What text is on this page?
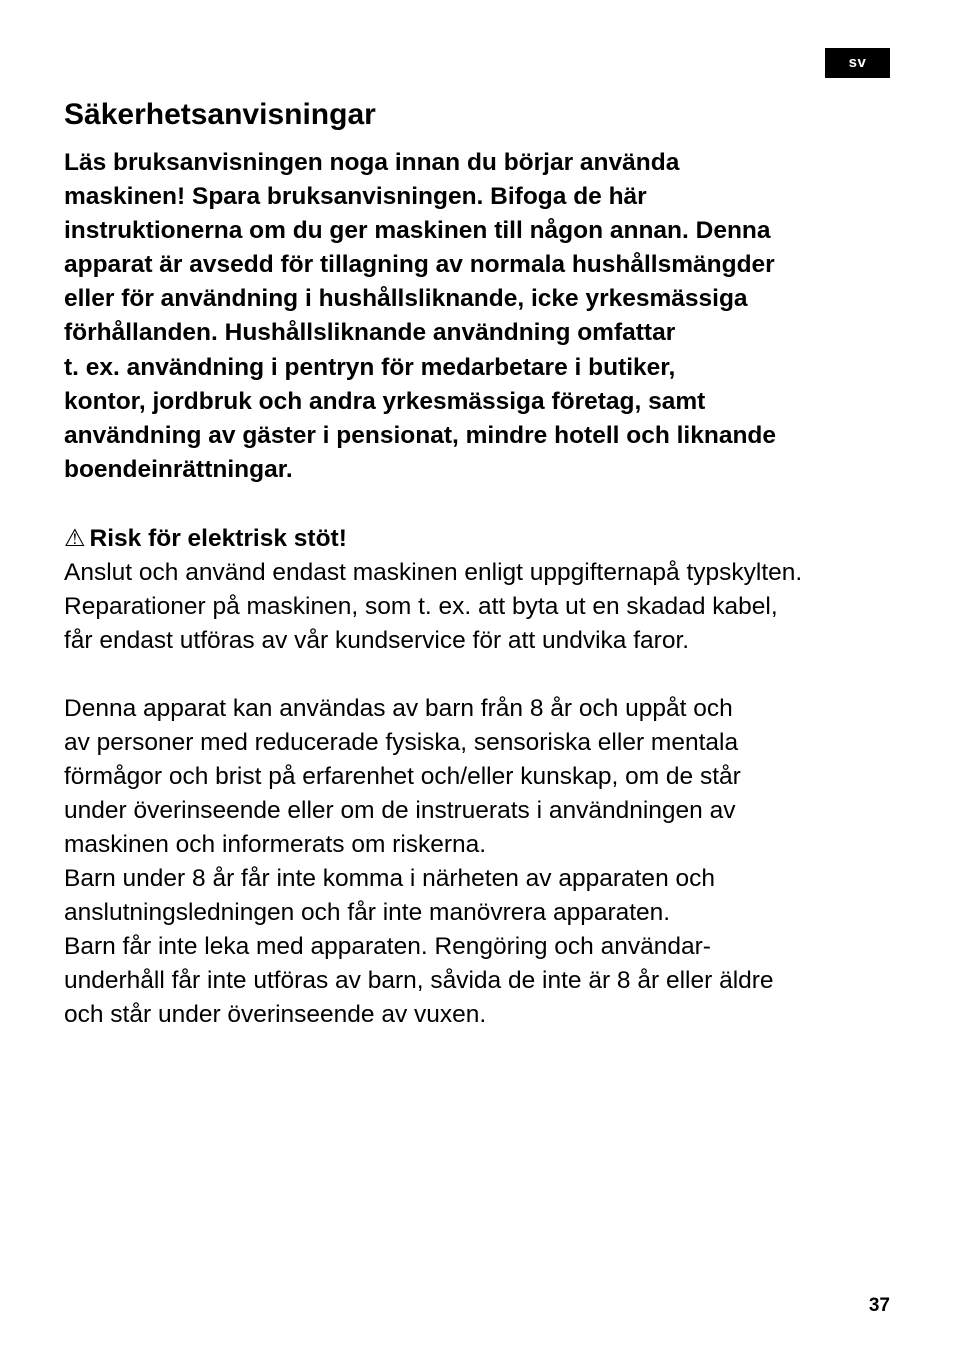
sv
Säkerhetsanvisningar

Läs bruksanvisningen noga innan du börjar använda
maskinen! Spara bruksanvisningen. Bifoga de här
instruktionerna om du ger maskinen till någon annan. Denna
apparat är avsedd för tillagning av normala hushållsmängder
eller för användning i hushållsliknande, icke yrkesmässiga
förhållanden. Hushållsliknande användning omfattar
t. ex. användning i pentryn för medarbetare i butiker,
kontor, jordbruk och andra yrkesmässiga företag, samt
användning av gäster i pensionat, mindre hotell och liknande
boendeinrättningar.

⚠ Risk för elektrisk stöt!

Anslut och använd endast maskinen enligt uppgifternapå typskylten.
Reparationer på maskinen, som t. ex. att byta ut en skadad kabel,
får endast utföras av vår kundservice för att undvika faror.

Denna apparat kan användas av barn från 8 år och uppåt och
av personer med reducerade fysiska, sensoriska eller mentala
förmågor och brist på erfarenhet och/eller kunskap, om de står
under överinseende eller om de instruerats i användningen av
maskinen och informerats om riskerna.
Barn under 8 år får inte komma i närheten av apparaten och
anslutningsledningen och får inte manövrera apparaten.
Barn får inte leka med apparaten. Rengöring och användar-
underhåll får inte utföras av barn, såvida de inte är 8 år eller äldre
och står under överinseende av vuxen.

37
